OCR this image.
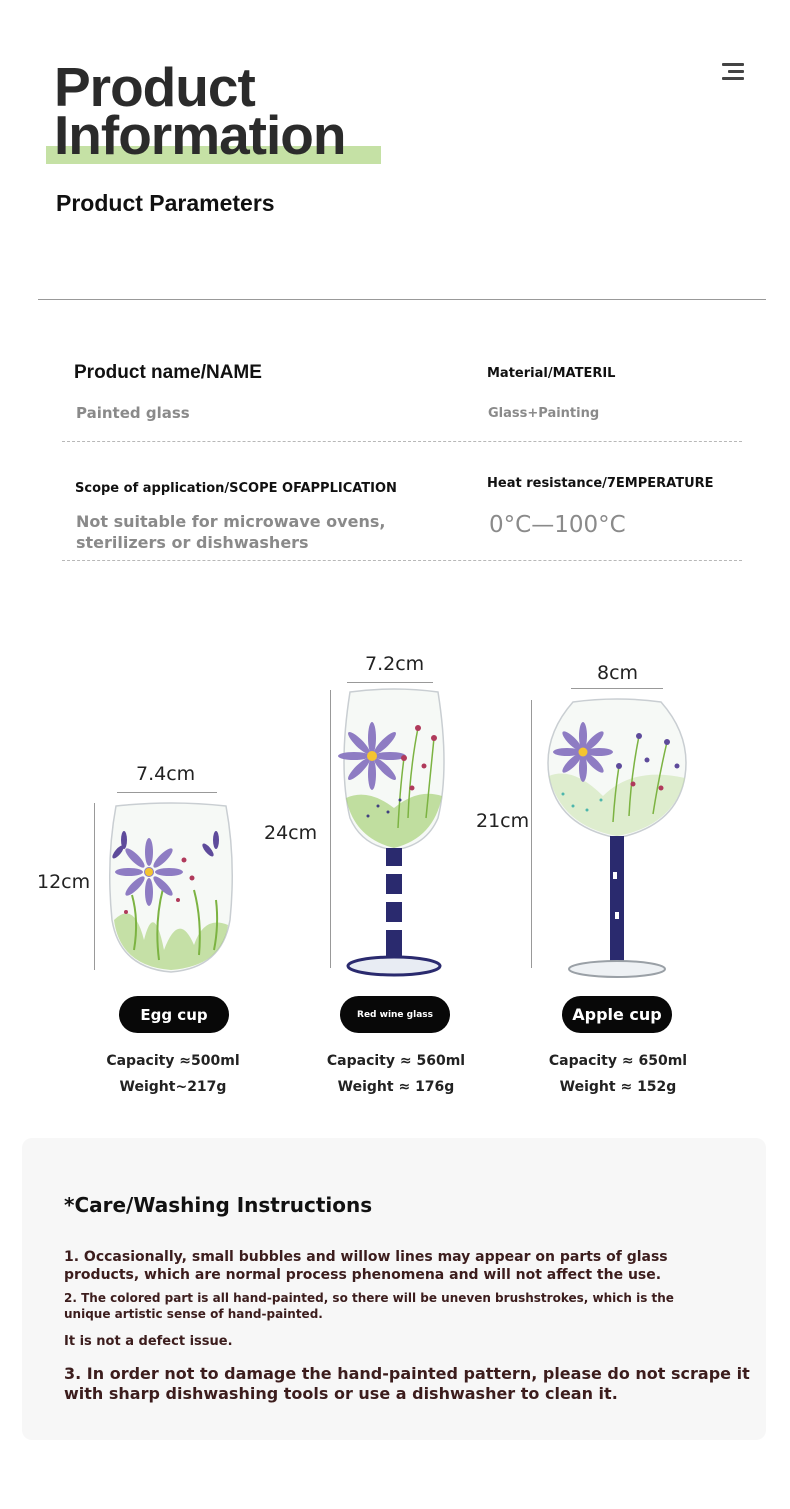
Product
Information
Product Parameters
Product name/NAME
Painted glass
Material/MATERIL
Glass+Painting
Scope of application/SCOPE OFAPPLICATION
Not suitable for microwave ovens,
sterilizers or dishwashers
Heat resistance/7EMPERATURE
0°C—100°C
7.4cm
12cm
Egg cup
Capacity ≈500ml
Weight~217g
7.2cm
24cm
Red wine glass
Capacity ≈ 560ml
Weight ≈ 176g
8cm
21cm
Apple cup
Capacity ≈ 650ml
Weight ≈ 152g
*Care/Washing Instructions
1. Occasionally, small bubbles and willow lines may appear on parts of glass products, which are normal process phenomena and will not affect the use.
2. The colored part is all hand-painted, so there will be uneven brushstrokes, which is the unique artistic sense of hand-painted.
It is not a defect issue.
3. In order not to damage the hand-painted pattern, please do not scrape it with sharp dishwashing tools or use a dishwasher to clean it.
